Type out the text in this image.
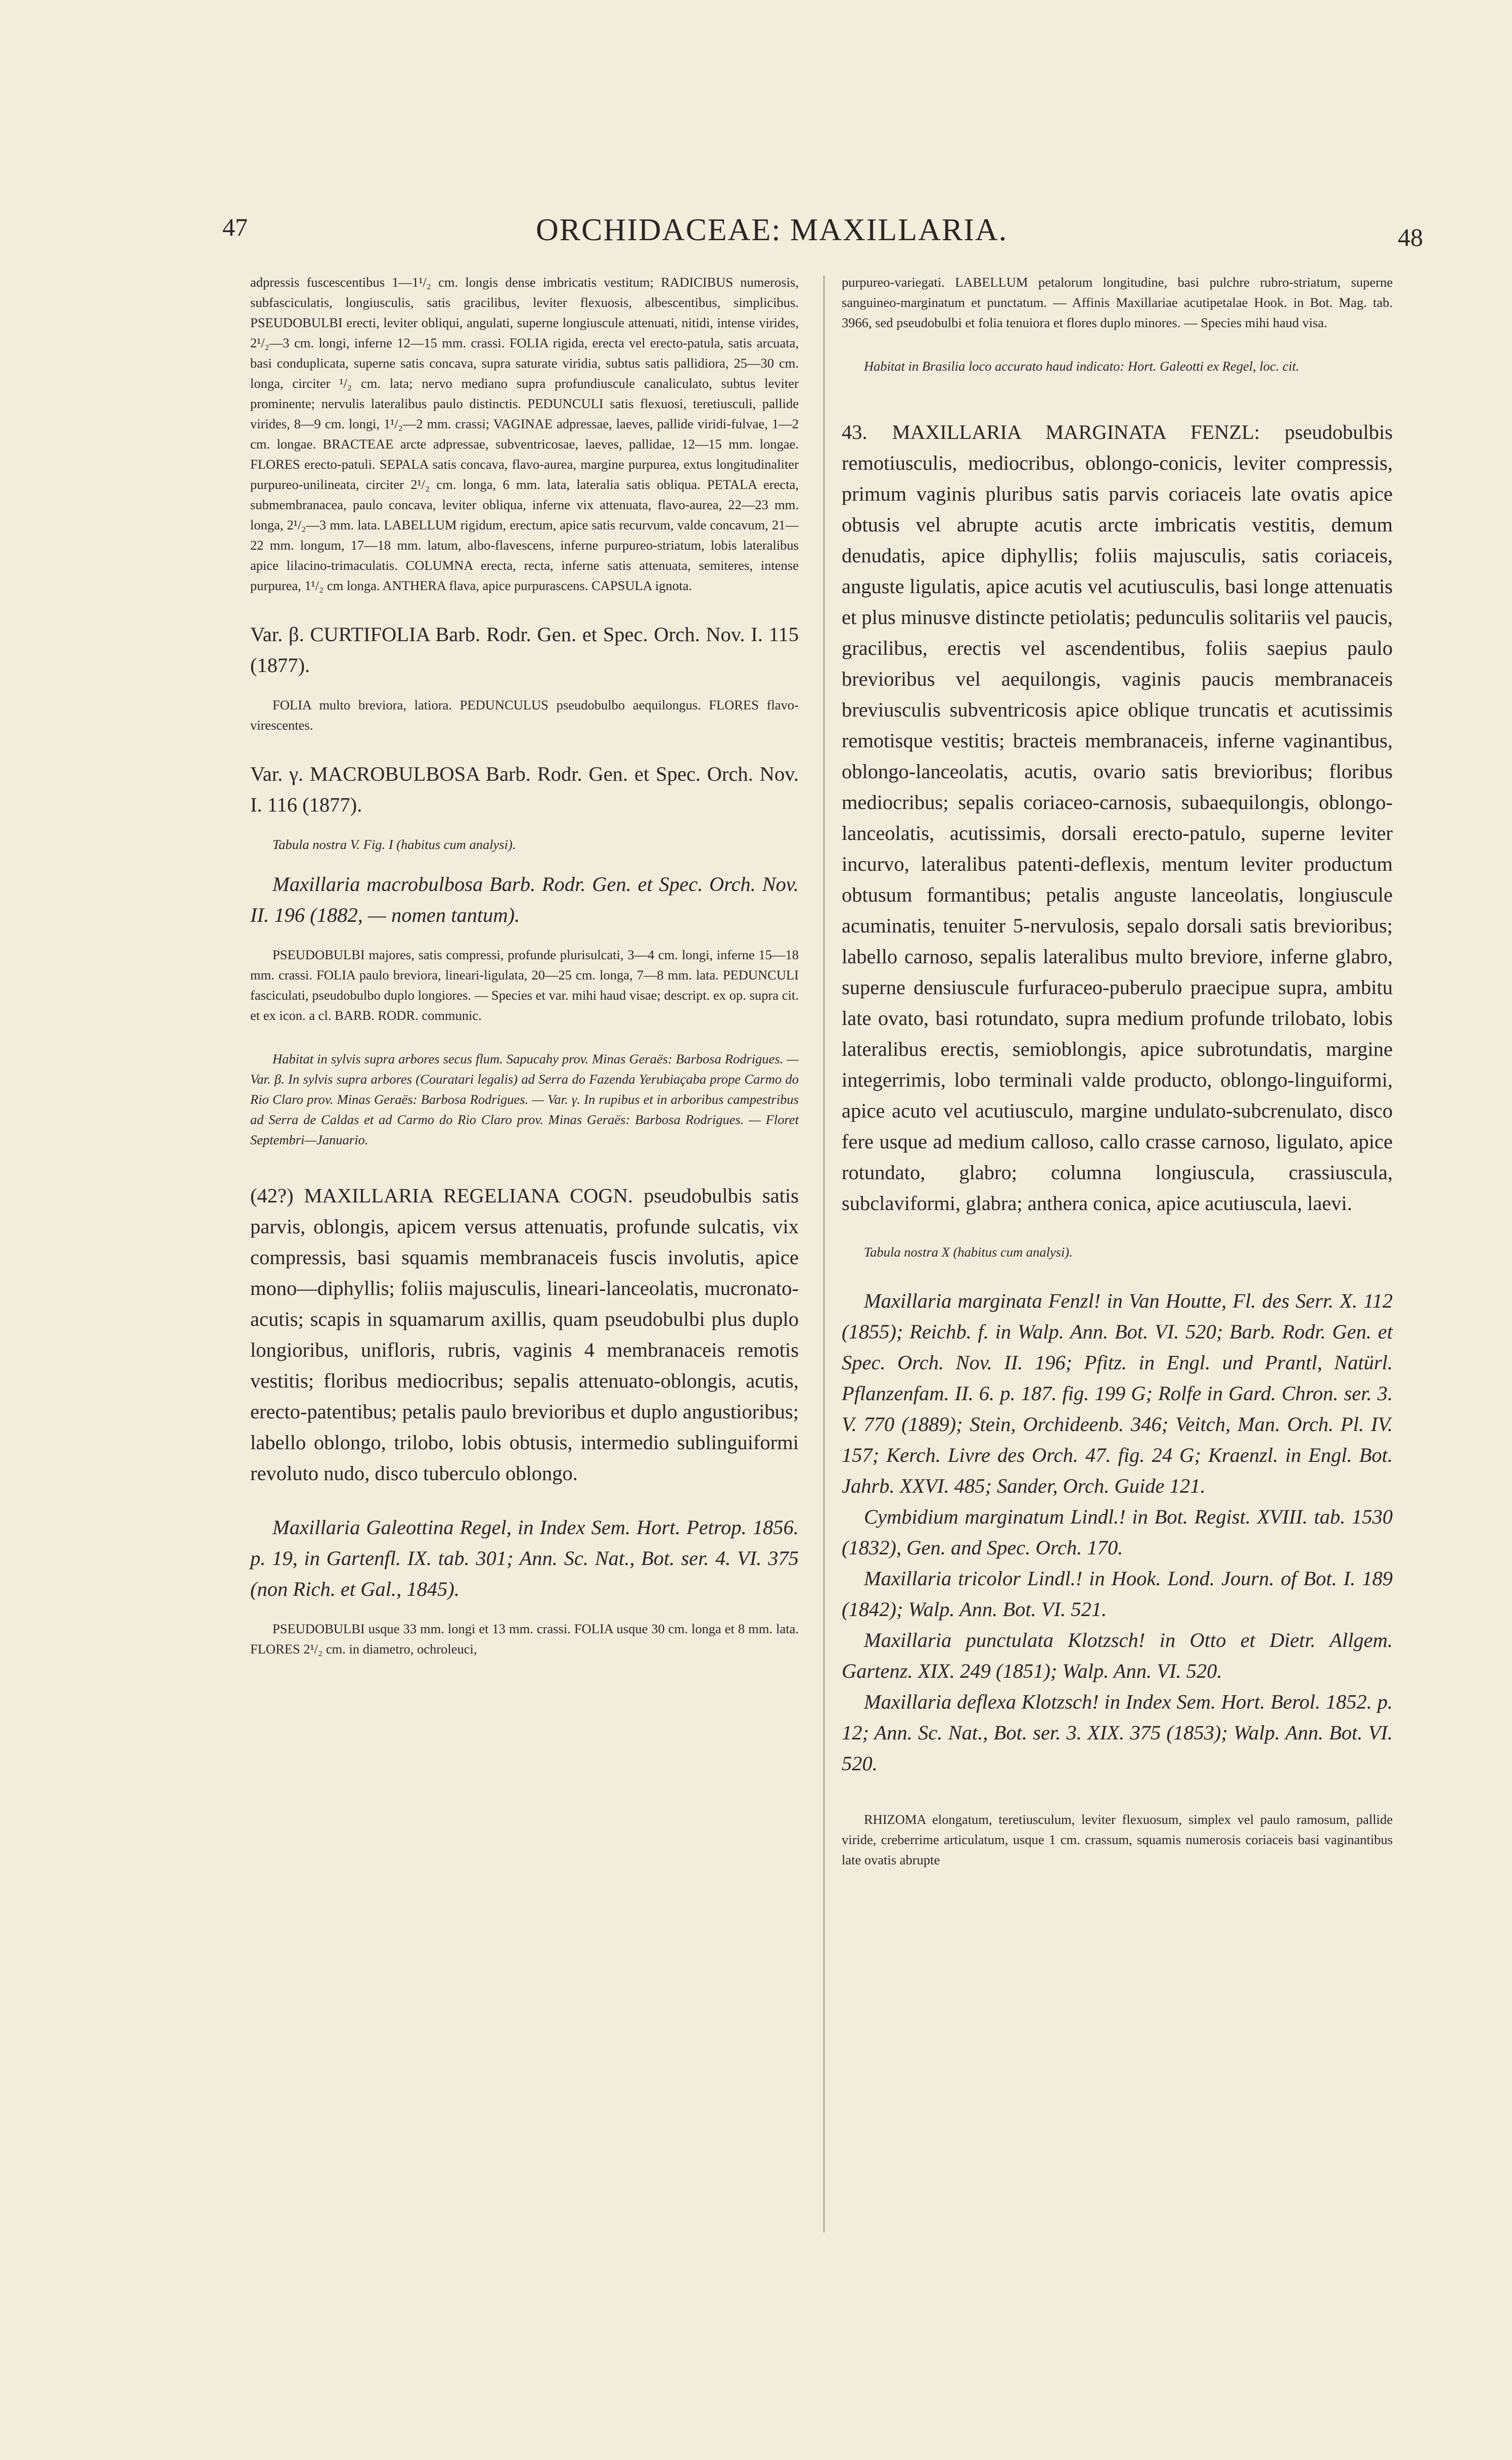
47	ORCHIDACEAE: MAXILLARIA.	48

adpressis fuscescentibus 1—1¹/₂ cm. longis dense imbricatis vestitum; RADICIBUS numerosis, subfasciculatis, longiusculis, satis gracilibus, leviter flexuosis, albescentibus, simplicibus. PSEUDOBULBI erecti, leviter obliqui, angulati, superne longiuscule attenuati, nitidi, intense virides, 2¹/₂—3 cm. longi, inferne 12—15 mm. crassi. FOLIA rigida, erecta vel erecto-patula, satis arcuata, basi conduplicata, superne satis concava, supra saturate viridia, subtus satis pallidiora, 25—30 cm. longa, circiter ¹/₂ cm. lata; nervo mediano supra profundiuscule canaliculato, subtus leviter prominente; nervulis lateralibus paulo distinctis. PEDUNCULI satis flexuosi, teretiusculi, pallide virides, 8—9 cm. longi, 1¹/₂—2 mm. crassi; VAGINAE adpressae, laeves, pallide viridi-fulvae, 1—2 cm. longae. BRACTEAE arcte adpressae, subventricosae, laeves, pallidae, 12—15 mm. longae. FLORES erecto-patuli. SEPALA satis concava, flavo-aurea, margine purpurea, extus longitudinaliter purpureo-unilineata, circiter 2¹/₂ cm. longa, 6 mm. lata, lateralia satis obliqua. PETALA erecta, submembranacea, paulo concava, leviter obliqua, inferne vix attenuata, flavo-aurea, 22—23 mm. longa, 2¹/₂—3 mm. lata. LABELLUM rigidum, erectum, apice satis recurvum, valde concavum, 21—22 mm. longum, 17—18 mm. latum, albo-flavescens, inferne purpureo-striatum, lobis lateralibus apice lilacino-trimaculatis. COLUMNA erecta, recta, inferne satis attenuata, semiteres, intense purpurea, 1¹/₂ cm longa. ANTHERA flava, apice purpurascens. CAPSULA ignota.

Var. β. CURTIFOLIA Barb. Rodr. Gen. et Spec. Orch. Nov. I. 115 (1877).

FOLIA multo breviora, latiora. PEDUNCULUS pseudobulbo aequilongus. FLORES flavo-virescentes.

Var. γ. MACROBULBOSA Barb. Rodr. Gen. et Spec. Orch. Nov. I. 116 (1877).

Tabula nostra V. Fig. I (habitus cum analysi).

Maxillaria macrobulbosa Barb. Rodr. Gen. et Spec. Orch. Nov. II. 196 (1882, — nomen tantum).

PSEUDOBULBI majores, satis compressi, profunde plurisulcati, 3—4 cm. longi, inferne 15—18 mm. crassi. FOLIA paulo breviora, lineari-ligulata, 20—25 cm. longa, 7—8 mm. lata. PEDUNCULI fasciculati, pseudobulbo duplo longiores. — Species et var. mihi haud visae; descript. ex op. supra cit. et ex icon. a cl. BARB. RODR. communic.

Habitat in sylvis supra arbores secus flum. Sapucahy prov. Minas Geraës: Barbosa Rodrigues. — Var. β. In sylvis supra arbores (Couratari legalis) ad Serra do Fazenda Yerubiaçaba prope Carmo do Rio Claro prov. Minas Geraës: Barbosa Rodrigues. — Var. γ. In rupibus et in arboribus campestribus ad Serra de Caldas et ad Carmo do Rio Claro prov. Minas Geraës: Barbosa Rodrigues. — Floret Septembri—Januario.

(42?) MAXILLARIA REGELIANA COGN. pseudobulbis satis parvis, oblongis, apicem versus attenuatis, profunde sulcatis, vix compressis, basi squamis membranaceis fuscis involutis, apice mono—diphyllis; foliis majusculis, lineari-lanceolatis, mucronato-acutis; scapis in squamarum axillis, quam pseudobulbi plus duplo longioribus, unifloris, rubris, vaginis 4 membranaceis remotis vestitis; floribus mediocribus; sepalis attenuato-oblongis, acutis, erecto-patentibus; petalis paulo brevioribus et duplo angustioribus; labello oblongo, trilobo, lobis obtusis, intermedio sublinguiformi revoluto nudo, disco tuberculo oblongo.

Maxillaria Galeottina Regel, in Index Sem. Hort. Petrop. 1856. p. 19, in Gartenfl. IX. tab. 301; Ann. Sc. Nat., Bot. ser. 4. VI. 375 (non Rich. et Gal., 1845).

PSEUDOBULBI usque 33 mm. longi et 13 mm. crassi. FOLIA usque 30 cm. longa et 8 mm. lata. FLORES 2¹/₂ cm. in diametro, ochroleuci,

purpureo-variegati. LABELLUM petalorum longitudine, basi pulchre rubro-striatum, superne sanguineo-marginatum et punctatum. — Affinis Maxillariae acutipetalae Hook. in Bot. Mag. tab. 3966, sed pseudobulbi et folia tenuiora et flores duplo minores. — Species mihi haud visa.

Habitat in Brasilia loco accurato haud indicato: Hort. Galeotti ex Regel, loc. cit.

43. MAXILLARIA MARGINATA FENZL: pseudobulbis remotiusculis, mediocribus, oblongo-conicis, leviter compressis, primum vaginis pluribus satis parvis coriaceis late ovatis apice obtusis vel abrupte acutis arcte imbricatis vestitis, demum denudatis, apice diphyllis; foliis majusculis, satis coriaceis, anguste ligulatis, apice acutis vel acutiusculis, basi longe attenuatis et plus minusve distincte petiolatis; pedunculis solitariis vel paucis, gracilibus, erectis vel ascendentibus, foliis saepius paulo brevioribus vel aequilongis, vaginis paucis membranaceis breviusculis subventricosis apice oblique truncatis et acutissimis remotisque vestitis; bracteis membranaceis, inferne vaginantibus, oblongo-lanceolatis, acutis, ovario satis brevioribus; floribus mediocribus; sepalis coriaceo-carnosis, subaequilongis, oblongo-lanceolatis, acutissimis, dorsali erecto-patulo, superne leviter incurvo, lateralibus patenti-deflexis, mentum leviter productum obtusum formantibus; petalis anguste lanceolatis, longiuscule acuminatis, tenuiter 5-nervulosis, sepalo dorsali satis brevioribus; labello carnoso, sepalis lateralibus multo breviore, inferne glabro, superne densiuscule furfuraceo-puberulo praecipue supra, ambitu late ovato, basi rotundato, supra medium profunde trilobato, lobis lateralibus erectis, semioblongis, apice subrotundatis, margine integerrimis, lobo terminali valde producto, oblongo-linguiformi, apice acuto vel acutiusculo, margine undulato-subcrenulato, disco fere usque ad medium calloso, callo crasse carnoso, ligulato, apice rotundato, glabro; columna longiuscula, crassiuscula, subclaviformi, glabra; anthera conica, apice acutiuscula, laevi.

Tabula nostra X (habitus cum analysi).

Maxillaria marginata Fenzl! in Van Houtte, Fl. des Serr. X. 112 (1855); Reichb. f. in Walp. Ann. Bot. VI. 520; Barb. Rodr. Gen. et Spec. Orch. Nov. II. 196; Pfitz. in Engl. und Prantl, Natürl. Pflanzenfam. II. 6. p. 187. fig. 199 G; Rolfe in Gard. Chron. ser. 3. V. 770 (1889); Stein, Orchideenb. 346; Veitch, Man. Orch. Pl. IV. 157; Kerch. Livre des Orch. 47. fig. 24 G; Kraenzl. in Engl. Bot. Jahrb. XXVI. 485; Sander, Orch. Guide 121.

Cymbidium marginatum Lindl.! in Bot. Regist. XVIII. tab. 1530 (1832), Gen. and Spec. Orch. 170.

Maxillaria tricolor Lindl.! in Hook. Lond. Journ. of Bot. I. 189 (1842); Walp. Ann. Bot. VI. 521.

Maxillaria punctulata Klotzsch! in Otto et Dietr. Allgem. Gartenz. XIX. 249 (1851); Walp. Ann. VI. 520.

Maxillaria deflexa Klotzsch! in Index Sem. Hort. Berol. 1852. p. 12; Ann. Sc. Nat., Bot. ser. 3. XIX. 375 (1853); Walp. Ann. Bot. VI. 520.

RHIZOMA elongatum, teretiusculum, leviter flexuosum, simplex vel paulo ramosum, pallide viride, creberrime articulatum, usque 1 cm. crassum, squamis numerosis coriaceis basi vaginantibus late ovatis abrupte
